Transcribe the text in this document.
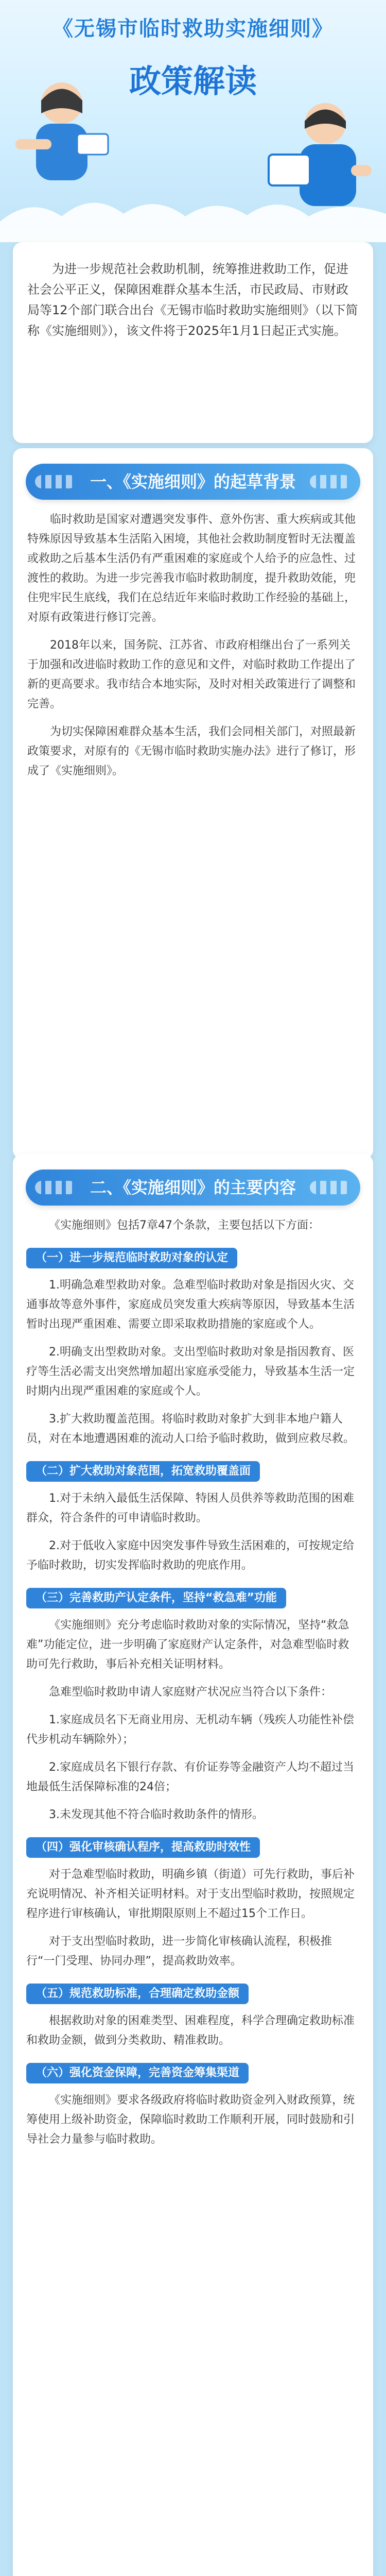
《无锡市临时救助实施细则》
政策解读

为进一步规范社会救助机制，统筹推进救助工作，促进社会公平正义，保障困难群众基本生活，市民政局、市财政局等12个部门联合出台《无锡市临时救助实施细则》（以下简称《实施细则》），该文件将于2025年1月1日起正式实施。

临时救助是国家对遭遇突发事件、意外伤害、重大疾病或其他特殊原因导致基本生活陷入困境，其他社会救助制度暂时无法覆盖或救助之后基本生活仍有严重困难的家庭或个人给予的应急性、过渡性的救助。为进一步完善我市临时救助制度，提升救助效能，兜住兜牢民生底线，我们在总结近年来临时救助工作经验的基础上，对原有政策进行修订完善。

2018年以来，国务院、江苏省、市政府相继出台了一系列关于加强和改进临时救助工作的意见和文件，对临时救助工作提出了新的更高要求。我市结合本地实际，及时对相关政策进行了调整和完善。

为切实保障困难群众基本生活，我们会同相关部门，对照最新政策要求，对原有的《无锡市临时救助实施办法》进行了修订，形成了《实施细则》。

一、《实施细则》的起草背景

《实施细则》包括7章47个条款，主要包括以下方面：

（一）进一步规范临时救助对象的认定

1.明确急难型救助对象。急难型临时救助对象是指因火灾、交通事故等意外事件，家庭成员突发重大疾病等原因，导致基本生活暂时出现严重困难、需要立即采取救助措施的家庭或个人。

2.明确支出型救助对象。支出型临时救助对象是指因教育、医疗等生活必需支出突然增加超出家庭承受能力，导致基本生活一定时期内出现严重困难的家庭或个人。

3.扩大救助覆盖范围。将临时救助对象扩大到非本地户籍人员，对在本地遭遇困难的流动人口给予临时救助，做到应救尽救。

（二）扩大救助对象范围，拓宽救助覆盖面

1.对于未纳入最低生活保障、特困人员供养等救助范围的困难群众，符合条件的可申请临时救助。

2.对于低收入家庭中因突发事件导致生活困难的，可按规定给予临时救助，切实发挥临时救助的兜底作用。

（三）完善救助产认定条件，坚持“救急难”功能

《实施细则》充分考虑临时救助对象的实际情况，坚持“救急难”功能定位，进一步明确了家庭财产认定条件，对急难型临时救助可先行救助，事后补充相关证明材料。

急难型临时救助申请人家庭财产状况应当符合以下条件：

1.家庭成员名下无商业用房、无机动车辆（残疾人功能性补偿代步机动车辆除外）；

2.家庭成员名下银行存款、有价证券等金融资产人均不超过当地最低生活保障标准的24倍；

3.未发现其他不符合临时救助条件的情形。

（四）强化审核确认程序，提高救助时效性

对于急难型临时救助，明确乡镇（街道）可先行救助，事后补充说明情况、补齐相关证明材料。对于支出型临时救助，按照规定程序进行审核确认，审批期限原则上不超过15个工作日。

对于支出型临时救助，进一步简化审核确认流程，积极推行“一门受理、协同办理”，提高救助效率。

（五）规范救助标准，合理确定救助金额

根据救助对象的困难类型、困难程度，科学合理确定救助标准和救助金额，做到分类救助、精准救助。

（六）强化资金保障，完善资金筹集渠道

《实施细则》要求各级政府将临时救助资金列入财政预算，统筹使用上级补助资金，保障临时救助工作顺利开展，同时鼓励和引导社会力量参与临时救助。

二、《实施细则》的主要内容
